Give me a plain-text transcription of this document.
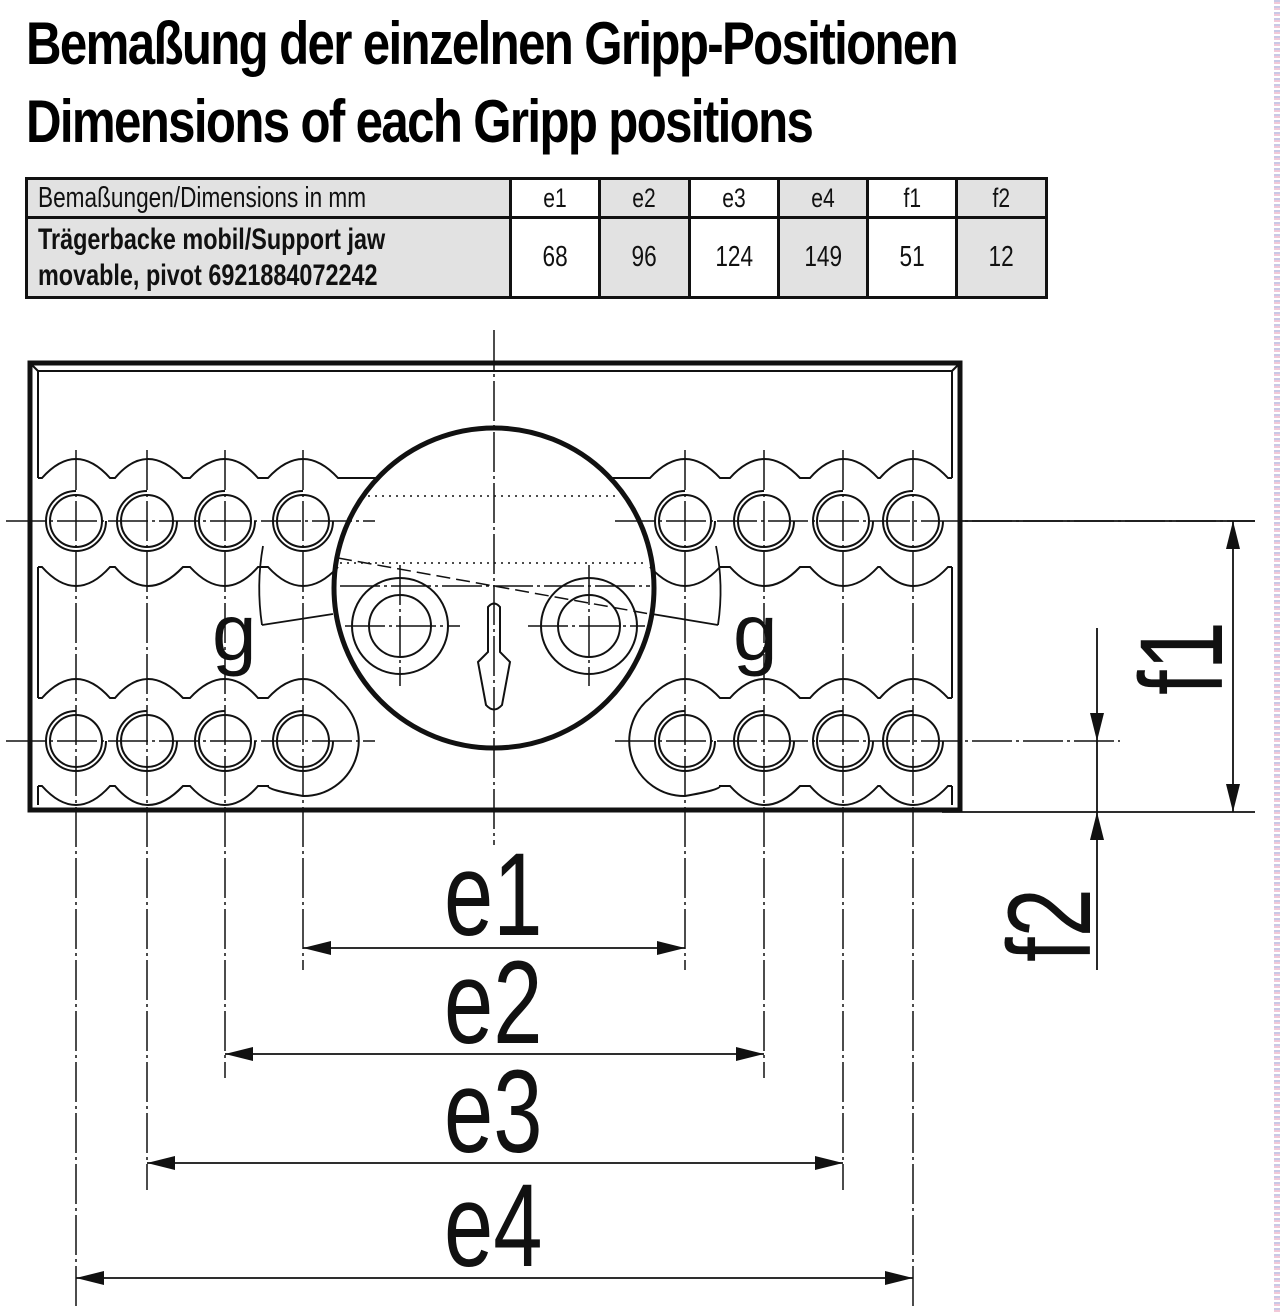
Bemaßung der einzelnen Gripp-Positionen
Dimensions of each Gripp positions
Bemaßungen/Dimensions in mm	e1	e2	e3	e4	f1	f2
Trägerbacke mobil/Support jaw
movable, pivot 6921884072242	68	96	124	149	51	12
g	g	f1
f2
e1
e2
e3
e4
